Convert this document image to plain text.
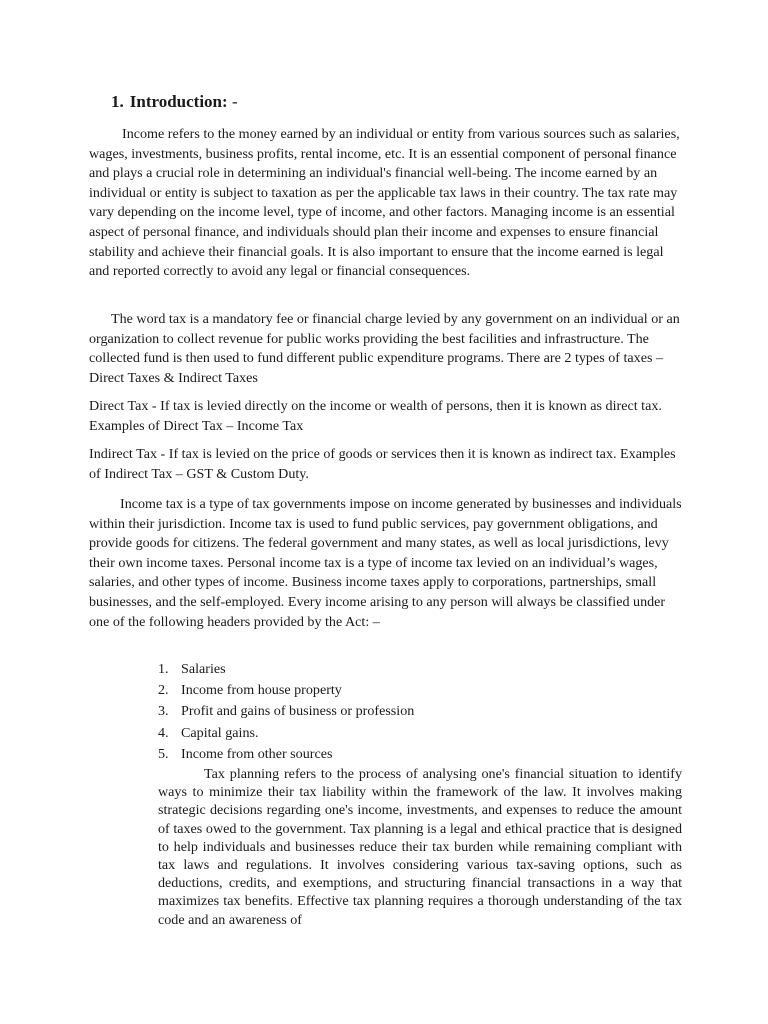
1. Introduction: -

Income refers to the money earned by an individual or entity from various sources such as salaries, wages, investments, business profits, rental income, etc. It is an essential component of personal finance and plays a crucial role in determining an individual's financial well-being. The income earned by an individual or entity is subject to taxation as per the applicable tax laws in their country. The tax rate may vary depending on the income level, type of income, and other factors. Managing income is an essential aspect of personal finance, and individuals should plan their income and expenses to ensure financial stability and achieve their financial goals. It is also important to ensure that the income earned is legal and reported correctly to avoid any legal or financial consequences.

The word tax is a mandatory fee or financial charge levied by any government on an individual or an organization to collect revenue for public works providing the best facilities and infrastructure. The collected fund is then used to fund different public expenditure programs. There are 2 types of taxes – Direct Taxes & Indirect Taxes

Direct Tax - If tax is levied directly on the income or wealth of persons, then it is known as direct tax. Examples of Direct Tax – Income Tax

Indirect Tax - If tax is levied on the price of goods or services then it is known as indirect tax. Examples of Indirect Tax – GST & Custom Duty.

Income tax is a type of tax governments impose on income generated by businesses and individuals within their jurisdiction. Income tax is used to fund public services, pay government obligations, and provide goods for citizens. The federal government and many states, as well as local jurisdictions, levy their own income taxes. Personal income tax is a type of income tax levied on an individual’s wages, salaries, and other types of income. Business income taxes apply to corporations, partnerships, small businesses, and the self-employed. Every income arising to any person will always be classified under one of the following headers provided by the Act: –

1. Salaries
2. Income from house property
3. Profit and gains of business or profession
4. Capital gains.
5. Income from other sources

Tax planning refers to the process of analysing one's financial situation to identify ways to minimize their tax liability within the framework of the law. It involves making strategic decisions regarding one's income, investments, and expenses to reduce the amount of taxes owed to the government. Tax planning is a legal and ethical practice that is designed to help individuals and businesses reduce their tax burden while remaining compliant with tax laws and regulations. It involves considering various tax-saving options, such as deductions, credits, and exemptions, and structuring financial transactions in a way that maximizes tax benefits. Effective tax planning requires a thorough understanding of the tax code and an awareness of
